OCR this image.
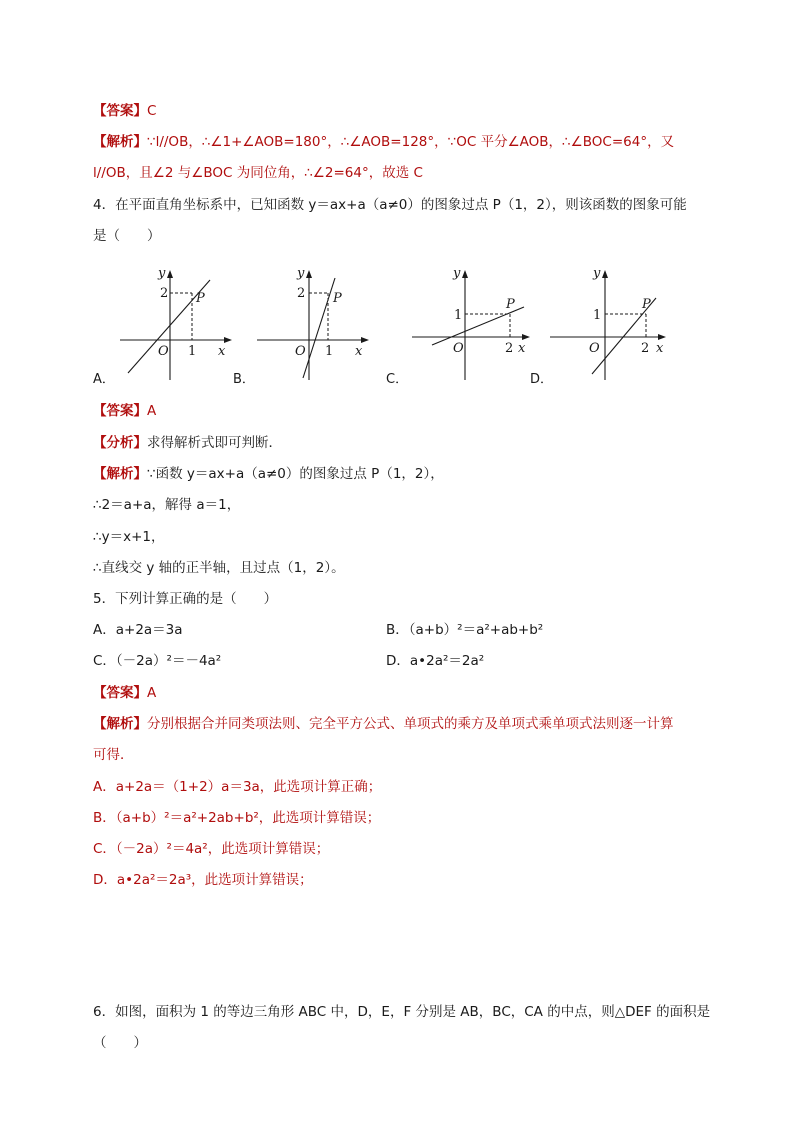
【答案】C
【解析】∵l//OB，∴∠1+∠AOB=180°，∴∠AOB=128°，∵OC 平分∠AOB，∴∠BOC=64°，又
l//OB，且∠2 与∠BOC 为同位角，∴∠2=64°，故选 C
4．在平面直角坐标系中，已知函数 y＝ax+a（a≠0）的图象过点 P（1，2），则该函数的图象可能
是（　　）
y
2 P
O 1 x
A．
y
2 P
O 1 x
B．
y
1
P
O	2 x
C．
y
1
P
O	2 x
D．
【答案】A
【分析】求得解析式即可判断．
【解析】∵函数 y＝ax+a（a≠0）的图象过点 P（1，2），
∴2＝a+a，解得 a＝1，
∴y＝x+1，
∴直线交 y 轴的正半轴，且过点（1，2）。
5．下列计算正确的是（　　）
A．a+2a＝3a	B．（a+b）²＝a²+ab+b²
C．（－2a）²＝－4a²	D．a•2a²＝2a²
【答案】A
【解析】分别根据合并同类项法则、完全平方公式、单项式的乘方及单项式乘单项式法则逐一计算
可得．
A．a+2a＝（1+2）a＝3a，此选项计算正确；
B．（a+b）²＝a²+2ab+b²，此选项计算错误；
C．（－2a）²＝4a²，此选项计算错误；
D．a•2a²＝2a³，此选项计算错误；
6．如图，面积为 1 的等边三角形 ABC 中，D，E，F 分别是 AB，BC，CA 的中点，则△DEF 的面积是
（　　）
